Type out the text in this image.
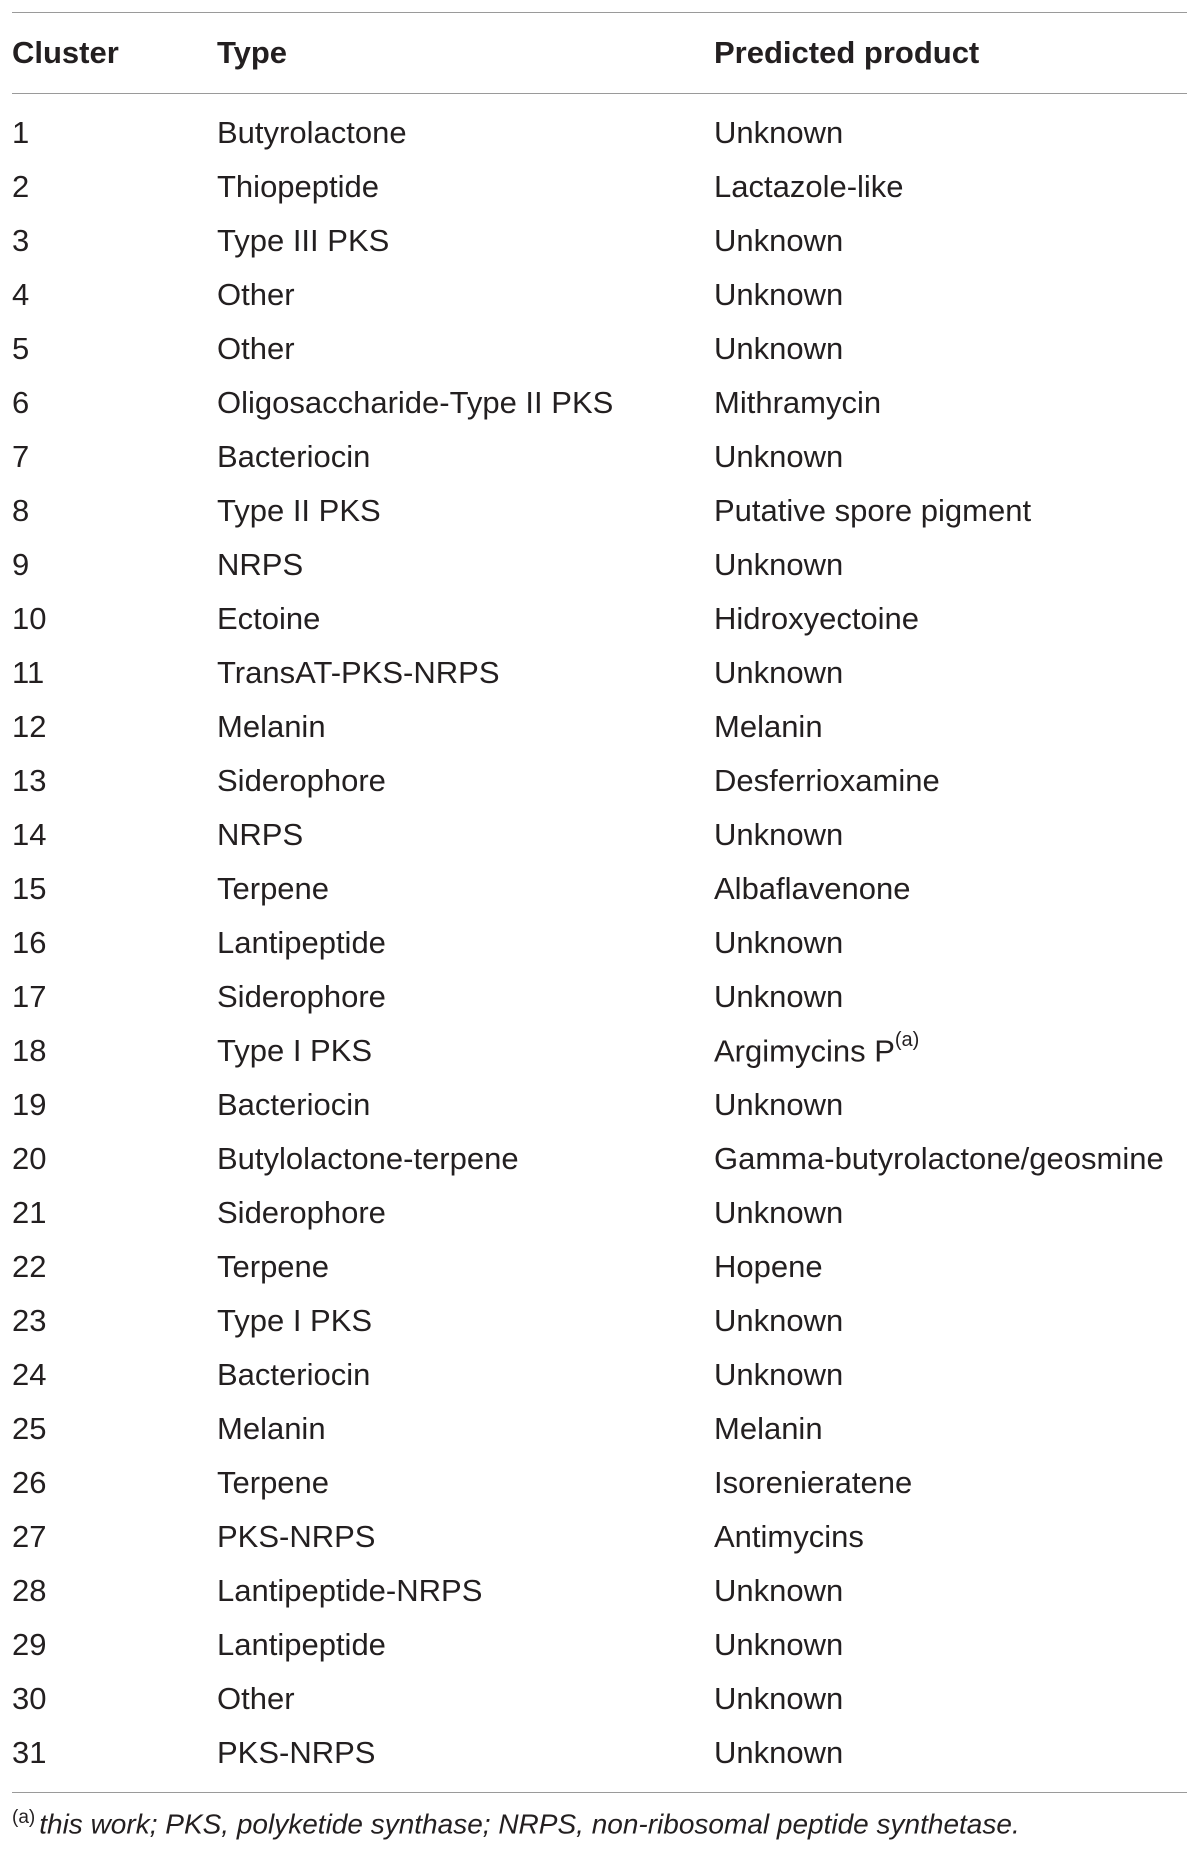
Cluster	Type	Predicted product
1	Butyrolactone	Unknown
2	Thiopeptide	Lactazole-like
3	Type III PKS	Unknown
4	Other	Unknown
5	Other	Unknown
6	Oligosaccharide-Type II PKS	Mithramycin
7	Bacteriocin	Unknown
8	Type II PKS	Putative spore pigment
9	NRPS	Unknown
10	Ectoine	Hidroxyectoine
11	TransAT-PKS-NRPS	Unknown
12	Melanin	Melanin
13	Siderophore	Desferrioxamine
14	NRPS	Unknown
15	Terpene	Albaflavenone
16	Lantipeptide	Unknown
17	Siderophore	Unknown
18	Type I PKS	Argimycins $P^{(a)}$
19	Bacteriocin	Unknown
20	Butylolactone-terpene	Gamma-butyrolactone/geosmine
21	Siderophore	Unknown
22	Terpene	Hopene
23	Type I PKS	Unknown
24	Bacteriocin	Unknown
25	Melanin	Melanin
26	Terpene	Isorenieratene
27	PKS-NRPS	Antimycins
28	Lantipeptide-NRPS	Unknown
29	Lantipeptide	Unknown
30	Other	Unknown
31	PKS-NRPS	Unknown
$^{(a)}$ this work; PKS, polyketide synthase; NRPS, non-ribosomal peptide synthetase.
